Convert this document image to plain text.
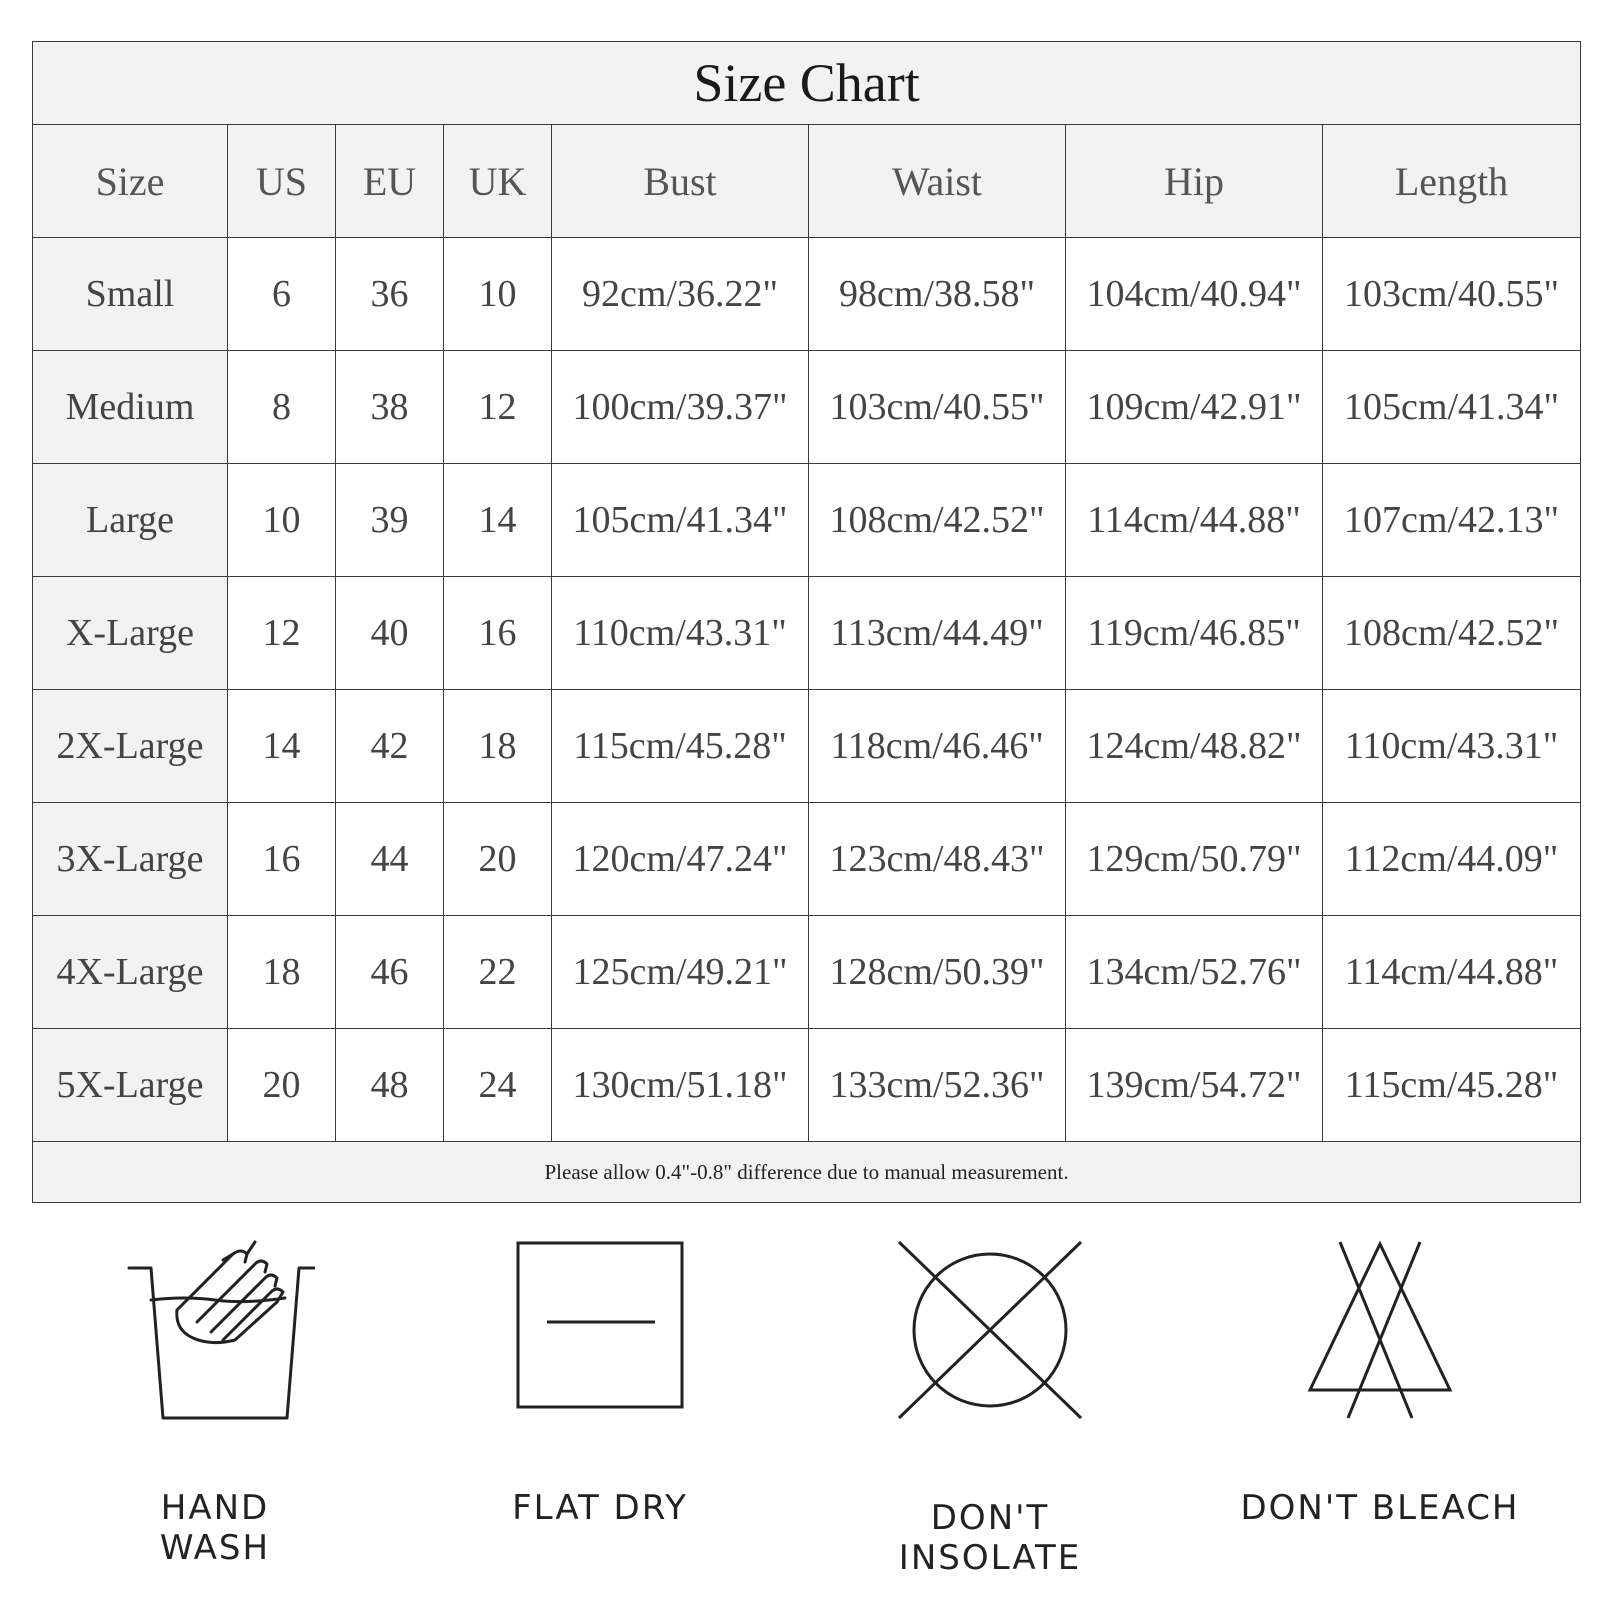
Size Chart							
Size	US	EU	UK	Bust	Waist	Hip	Length
Small	6	36	10	92cm/36.22"	98cm/38.58"	104cm/40.94"	103cm/40.55"
Medium	8	38	12	100cm/39.37"	103cm/40.55"	109cm/42.91"	105cm/41.34"
Large	10	39	14	105cm/41.34"	108cm/42.52"	114cm/44.88"	107cm/42.13"
X-Large	12	40	16	110cm/43.31"	113cm/44.49"	119cm/46.85"	108cm/42.52"
2X-Large	14	42	18	115cm/45.28"	118cm/46.46"	124cm/48.82"	110cm/43.31"
3X-Large	16	44	20	120cm/47.24"	123cm/48.43"	129cm/50.79"	112cm/44.09"
4X-Large	18	46	22	125cm/49.21"	128cm/50.39"	134cm/52.76"	114cm/44.88"
5X-Large	20	48	24	130cm/51.18"	133cm/52.36"	139cm/54.72"	115cm/45.28"
Please allow 0.4"-0.8" difference due to manual measurement.							
HAND WASH
FLAT DRY	DON'T INSOLATE
DON'T BLEACH
